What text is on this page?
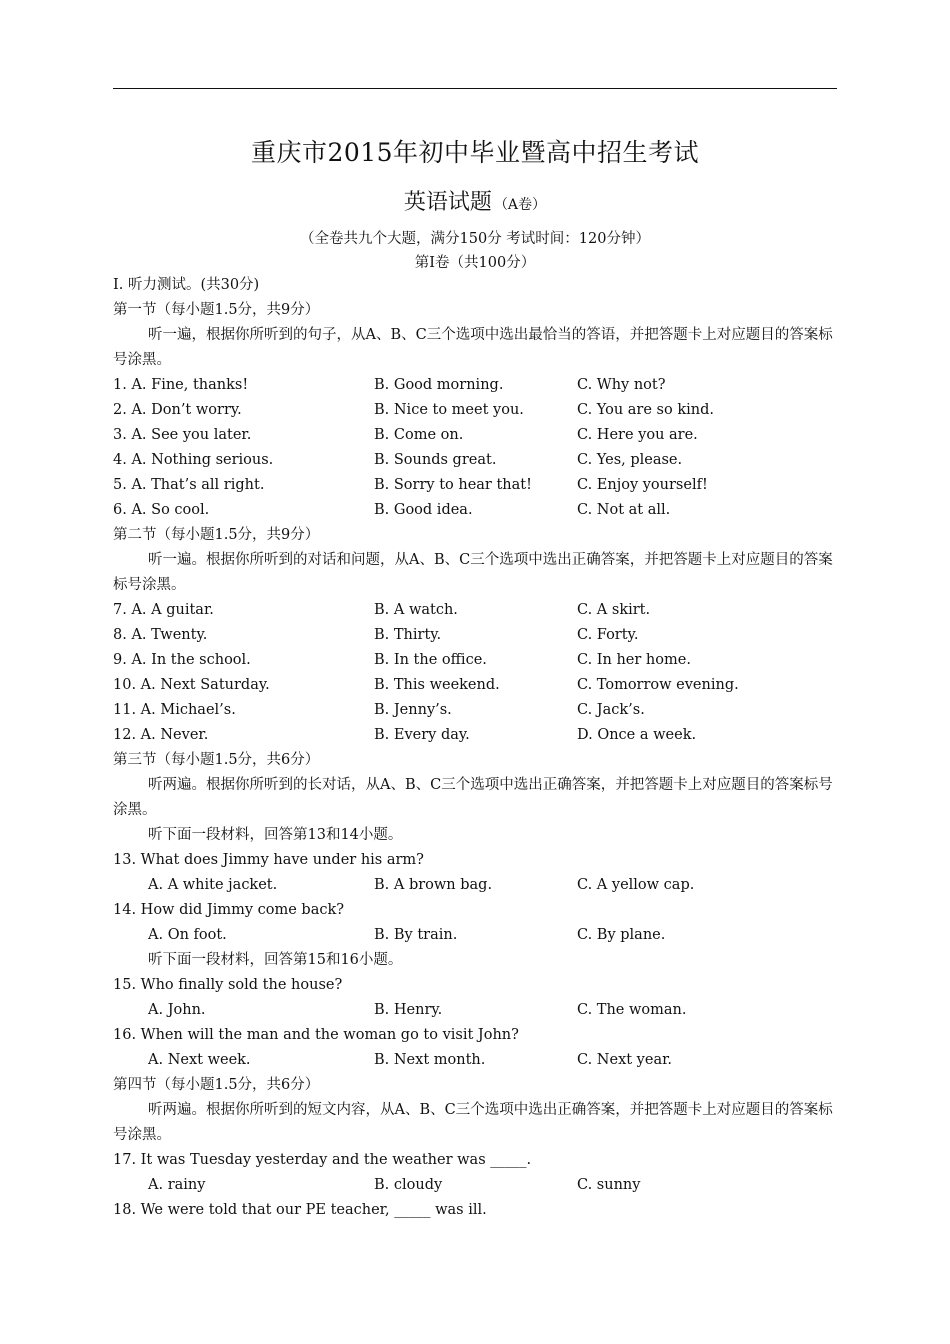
重庆市2015年初中毕业暨高中招生考试
英语试题 （A卷）
（全卷共九个大题，满分150分 考试时间：120分钟）
第I卷（共100分）
I. 听力测试。(共30分)
第一节（每小题1.5分，共9分）
听一遍，根据你所听到的句子，从A、B、C三个选项中选出最恰当的答语，并把答题卡上对应题目的答案标号涂黑。
1. A. Fine, thanks!	B. Good morning.	C. Why not?
2. A. Don’t worry.	B. Nice to meet you.	C. You are so kind.
3. A. See you later.	B. Come on.	C. Here you are.
4. A. Nothing serious.	B. Sounds great.	C. Yes, please.
5. A. That’s all right.	B. Sorry to hear that!	C. Enjoy yourself!
6. A. So cool.	B. Good idea.	C. Not at all.
第二节（每小题1.5分，共9分）
听一遍。根据你所听到的对话和问题，从A、B、C三个选项中选出正确答案，并把答题卡上对应题目的答案标号涂黑。
7. A. A guitar.	B. A watch.	C. A skirt.
8. A. Twenty.	B. Thirty.	C. Forty.
9. A. In the school.	B. In the office.	C. In her home.
10. A. Next Saturday.	B. This weekend.	C. Tomorrow evening.
11. A. Michael’s.	B. Jenny’s.	C. Jack’s.
12. A. Never.	B. Every day.	D. Once a week.
第三节（每小题1.5分，共6分）
听两遍。根据你所听到的长对话，从A、B、C三个选项中选出正确答案，并把答题卡上对应题目的答案标号涂黑。
听下面一段材料，回答第13和14小题。
13. What does Jimmy have under his arm?
A. A white jacket.	B. A brown bag.	C. A yellow cap.
14. How did Jimmy come back?
A. On foot.	B. By train.	C. By plane.
听下面一段材料，回答第15和16小题。
15. Who finally sold the house?
A. John.	B. Henry.	C. The woman.
16. When will the man and the woman go to visit John?
A. Next week.	B. Next month.	C. Next year.
第四节（每小题1.5分，共6分）
听两遍。根据你所听到的短文内容，从A、B、C三个选项中选出正确答案，并把答题卡上对应题目的答案标号涂黑。
17. It was Tuesday yesterday and the weather was _____.
A. rainy	B. cloudy	C. sunny
18. We were told that our PE teacher, _____ was ill.
